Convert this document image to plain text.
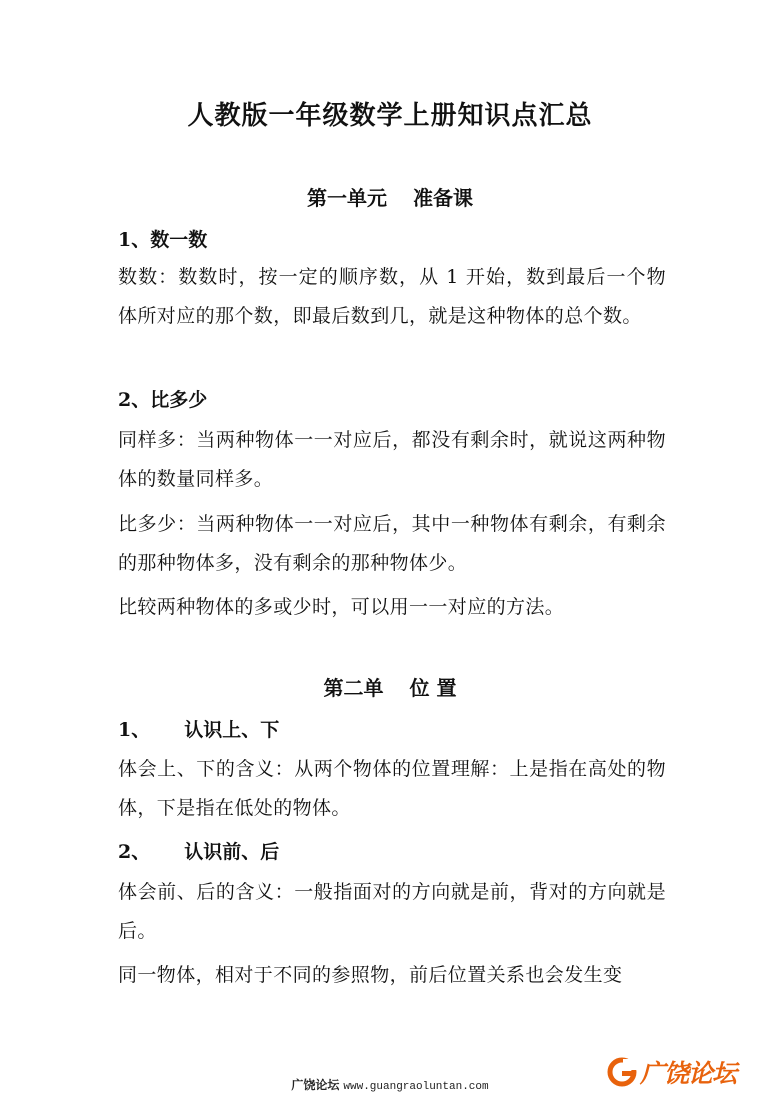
人教版一年级数学上册知识点汇总
第一单元 准备课
1、数一数
数数：数数时，按一定的顺序数，从 1 开始，数到最后一个物体所对应的那个数，即最后数到几，就是这种物体的总个数。
2、比多少
同样多：当两种物体一一对应后，都没有剩余时，就说这两种物体的数量同样多。
比多少：当两种物体一一对应后，其中一种物体有剩余，有剩余的那种物体多，没有剩余的那种物体少。
比较两种物体的多或少时，可以用一一对应的方法。
第二单 位 置
1、 认识上、下
体会上、下的含义：从两个物体的位置理解：上是指在高处的物体，下是指在低处的物体。
2、 认识前、后
体会前、后的含义：一般指面对的方向就是前，背对的方向就是后。
同一物体，相对于不同的参照物，前后位置关系也会发生变
广饶论坛 www.guangraoluntan.com	广饶论坛
